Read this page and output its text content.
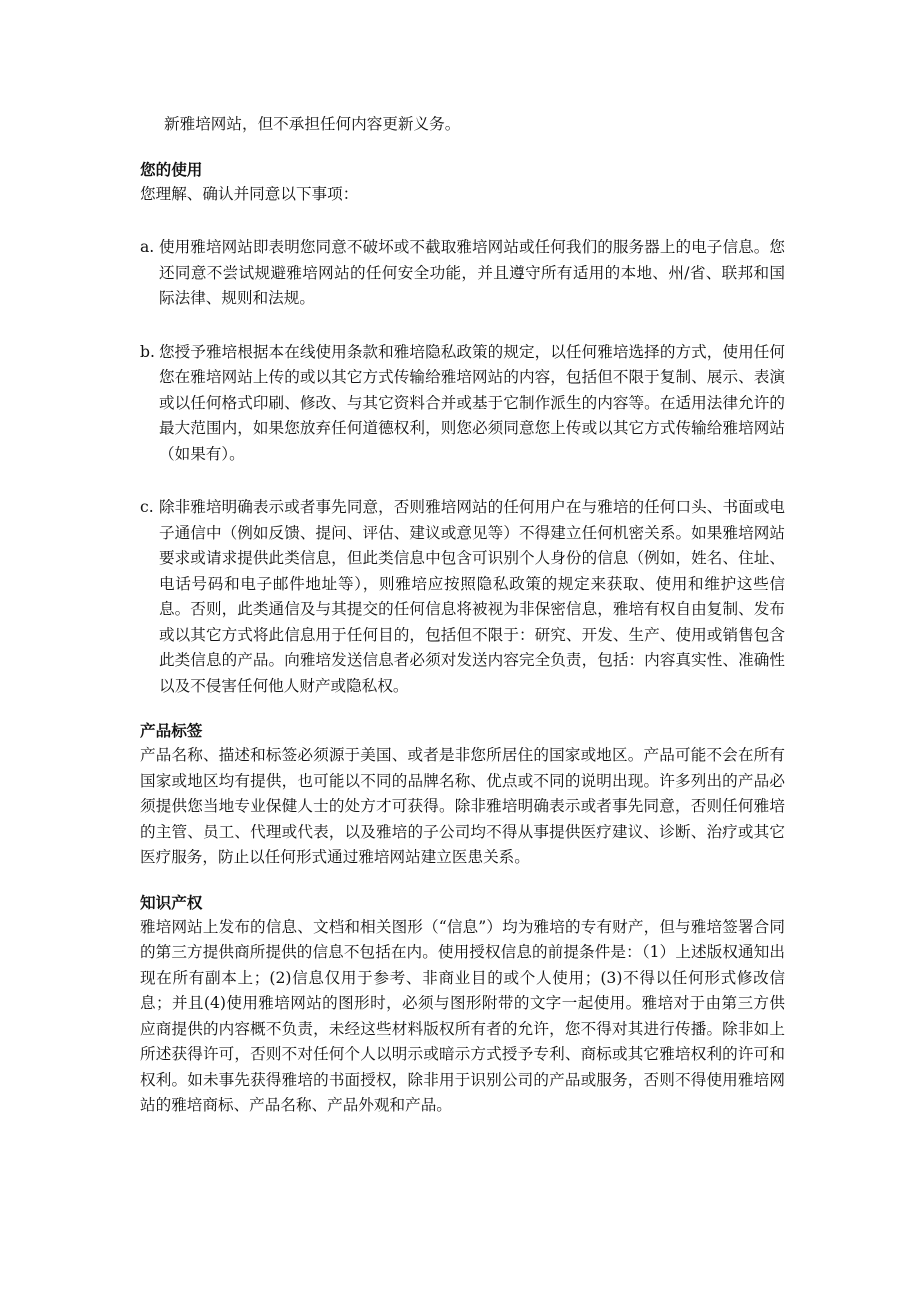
新雅培网站，但不承担任何内容更新义务。

您的使用

您理解、确认并同意以下事项：

a. 使用雅培网站即表明您同意不破坏或不截取雅培网站或任何我们的服务器上的电子信息。您还同意不尝试规避雅培网站的任何安全功能，并且遵守所有适用的本地、州/省、联邦和国际法律、规则和法规。
b. 您授予雅培根据本在线使用条款和雅培隐私政策的规定，以任何雅培选择的方式，使用任何您在雅培网站上传的或以其它方式传输给雅培网站的内容，包括但不限于复制、展示、表演或以任何格式印刷、修改、与其它资料合并或基于它制作派生的内容等。在适用法律允许的最大范围内，如果您放弃任何道德权利，则您必须同意您上传或以其它方式传输给雅培网站（如果有）。
c. 除非雅培明确表示或者事先同意，否则雅培网站的任何用户在与雅培的任何口头、书面或电子通信中（例如反馈、提问、评估、建议或意见等）不得建立任何机密关系。如果雅培网站要求或请求提供此类信息，但此类信息中包含可识别个人身份的信息（例如，姓名、住址、电话号码和电子邮件地址等），则雅培应按照隐私政策的规定来获取、使用和维护这些信息。否则，此类通信及与其提交的任何信息将被视为非保密信息，雅培有权自由复制、发布或以其它方式将此信息用于任何目的，包括但不限于：研究、开发、生产、使用或销售包含此类信息的产品。向雅培发送信息者必须对发送内容完全负责，包括：内容真实性、准确性以及不侵害任何他人财产或隐私权。
产品标签

产品名称、描述和标签必须源于美国、或者是非您所居住的国家或地区。产品可能不会在所有国家或地区均有提供，也可能以不同的品牌名称、优点或不同的说明出现。许多列出的产品必须提供您当地专业保健人士的处方才可获得。除非雅培明确表示或者事先同意，否则任何雅培的主管、员工、代理或代表，以及雅培的子公司均不得从事提供医疗建议、诊断、治疗或其它医疗服务，防止以任何形式通过雅培网站建立医患关系。

知识产权

雅培网站上发布的信息、文档和相关图形（“信息”）均为雅培的专有财产，但与雅培签署合同的第三方提供商所提供的信息不包括在内。使用授权信息的前提条件是：（1）上述版权通知出现在所有副本上；(2)信息仅用于参考、非商业目的或个人使用；(3)不得以任何形式修改信息；并且(4)使用雅培网站的图形时，必须与图形附带的文字一起使用。雅培对于由第三方供应商提供的内容概不负责，未经这些材料版权所有者的允许，您不得对其进行传播。除非如上所述获得许可，否则不对任何个人以明示或暗示方式授予专利、商标或其它雅培权利的许可和权利。如未事先获得雅培的书面授权，除非用于识别公司的产品或服务，否则不得使用雅培网站的雅培商标、产品名称、产品外观和产品。
